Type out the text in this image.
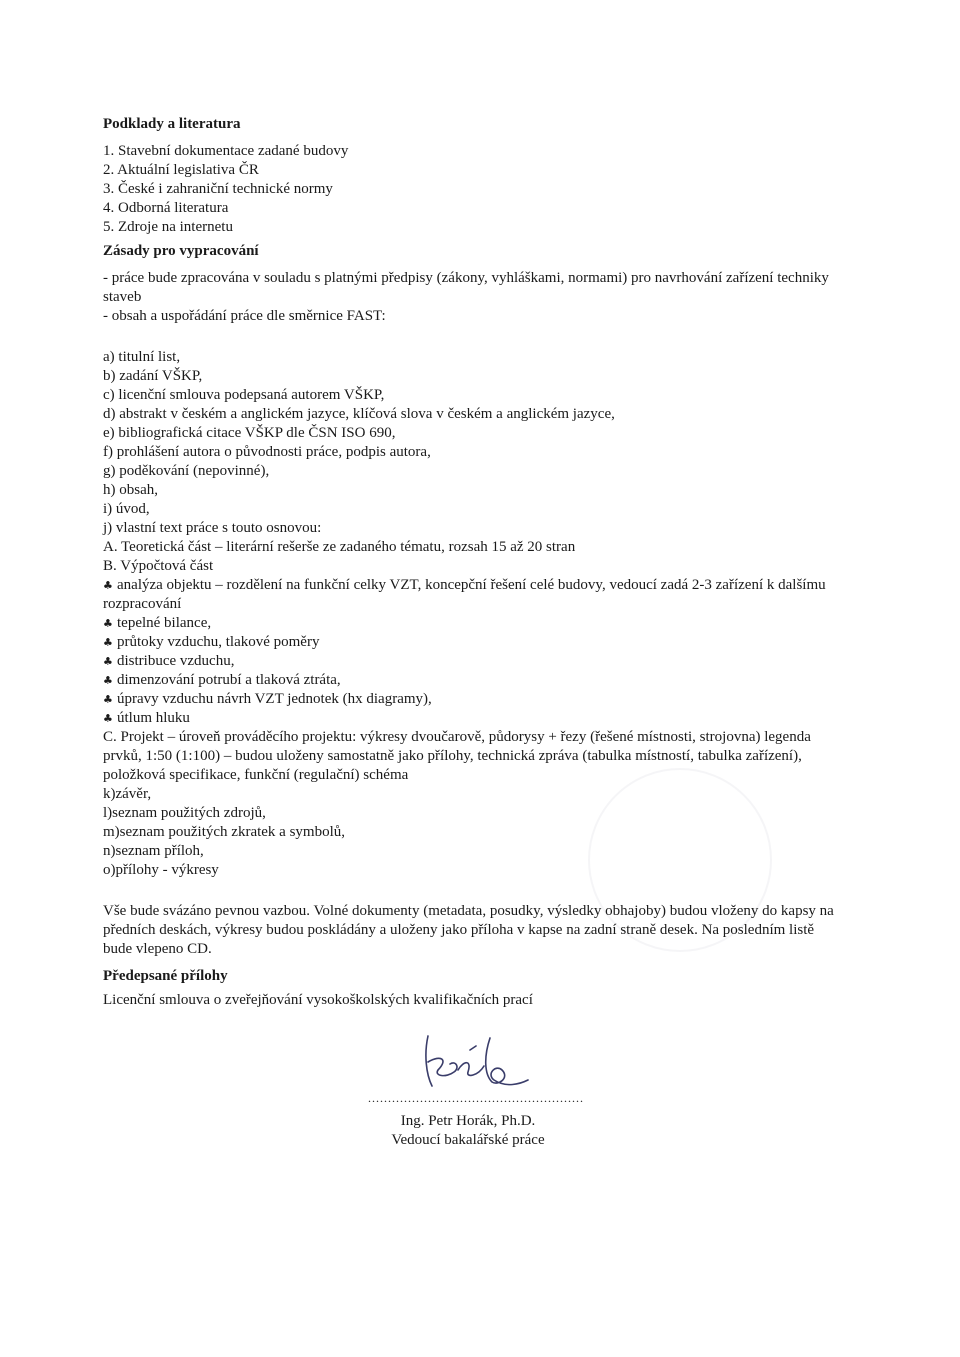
Podklady a literatura

1. Stavební dokumentace zadané budovy

2. Aktuální legislativa ČR

3. České i zahraniční technické normy

4. Odborná literatura

5. Zdroje na internetu

Zásady pro vypracování

- práce bude zpracována v souladu s platnými předpisy (zákony, vyhláškami, normami) pro navrhování zařízení techniky staveb

- obsah a uspořádání práce dle směrnice FAST:

a) titulní list,

b) zadání VŠKP,

c) licenční smlouva podepsaná autorem VŠKP,

d) abstrakt v českém a anglickém jazyce, klíčová slova v českém a anglickém jazyce,

e) bibliografická citace VŠKP dle ČSN ISO 690,

f) prohlášení autora o původnosti práce, podpis autora,

g) poděkování (nepovinné),

h) obsah,

i) úvod,

j) vlastní text práce s touto osnovou:

A. Teoretická část – literární rešerše ze zadaného tématu, rozsah 15 až 20 stran

B. Výpočtová část

♣ analýza objektu – rozdělení na funkční celky VZT, koncepční řešení celé budovy, vedoucí zadá 2-3 zařízení k dalšímu rozpracování

♣ tepelné bilance,

♣ průtoky vzduchu, tlakové poměry

♣ distribuce vzduchu,

♣ dimenzování potrubí a tlaková ztráta,

♣ úpravy vzduchu návrh VZT jednotek (hx diagramy),

♣ útlum hluku

C. Projekt – úroveň prováděcího projektu: výkresy dvoučarově, půdorysy + řezy (řešené místnosti, strojovna) legenda prvků, 1:50 (1:100) – budou uloženy samostatně jako přílohy, technická zpráva (tabulka místností, tabulka zařízení), položková specifikace, funkční (regulační) schéma

k)závěr,

l)seznam použitých zdrojů,

m)seznam použitých zkratek a symbolů,

n)seznam příloh,

o)přílohy - výkresy

Vše bude svázáno pevnou vazbou. Volné dokumenty (metadata, posudky, výsledky obhajoby) budou vloženy do kapsy na předních deskách, výkresy budou poskládány a uloženy jako příloha v kapse na zadní straně desek. Na posledním listě bude vlepeno CD.

Předepsané přílohy

Licenční smlouva o zveřejňování vysokoškolských kvalifikačních prací

......................................................

Ing. Petr Horák, Ph.D.

Vedoucí bakalářské práce
